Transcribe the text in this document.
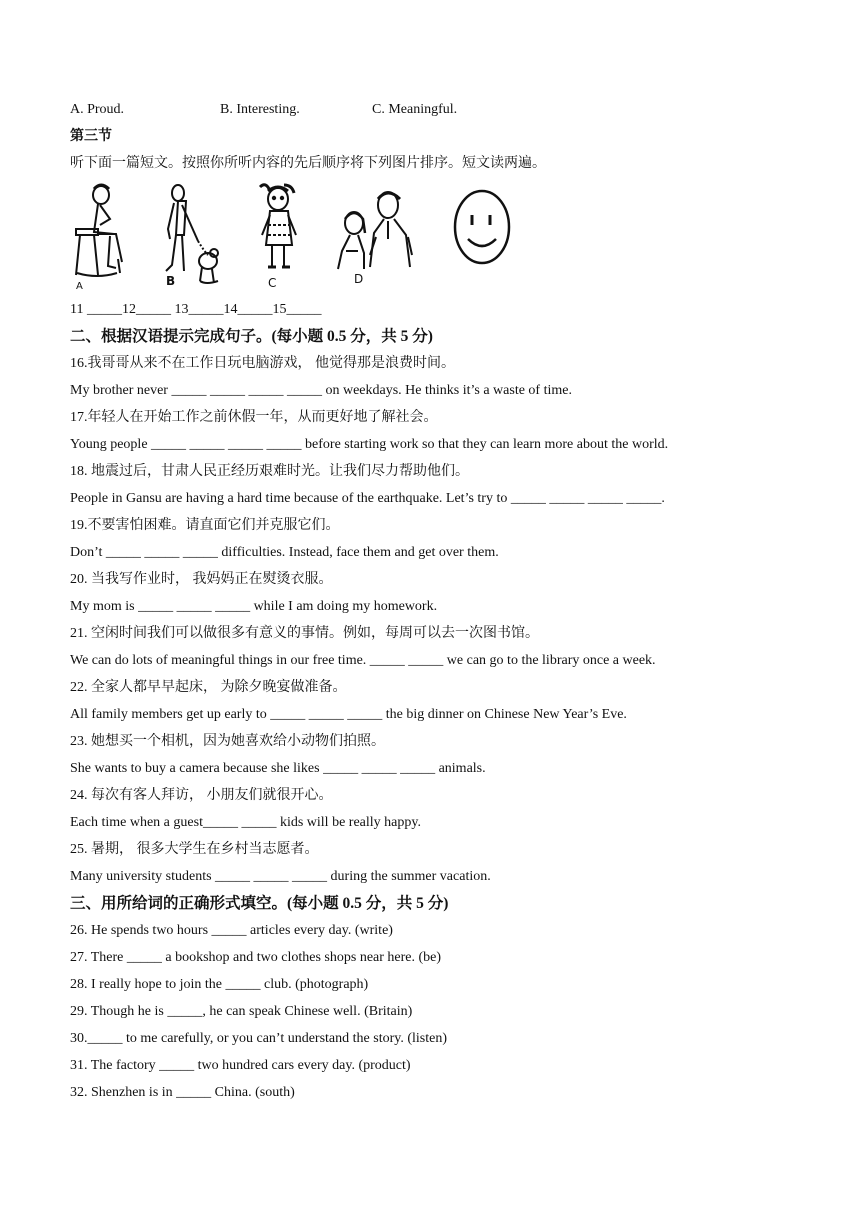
A. Proud.	B. Interesting.	C. Meaningful.
第三节
听下面一篇短文。按照你所听内容的先后顺序将下列图片排序。短文读两遍。
A	B	C	D
11 _____12_____ 13_____14_____15_____
二、根据汉语提示完成句子。(每小题 0.5 分，共 5 分)
16.我哥哥从来不在工作日玩电脑游戏， 他觉得那是浪费时间。
My brother never _____ _____ _____ _____ on weekdays. He thinks it’s a waste of time.
17.年轻人在开始工作之前休假一年，从而更好地了解社会。
Young people _____ _____ _____ _____ before starting work so that they can learn more about the world.
18. 地震过后，甘肃人民正经历艰难时光。让我们尽力帮助他们。
People in Gansu are having a hard time because of the earthquake. Let’s try to _____ _____ _____ _____.
19.不要害怕困难。请直面它们并克服它们。
Don’t _____ _____ _____ difficulties. Instead, face them and get over them.
20. 当我写作业时， 我妈妈正在熨烫衣服。
My mom is _____ _____ _____ while I am doing my homework.
21. 空闲时间我们可以做很多有意义的事情。例如，每周可以去一次图书馆。
We can do lots of meaningful things in our free time. _____ _____ we can go to the library once a week.
22. 全家人都早早起床， 为除夕晚宴做准备。
All family members get up early to _____ _____ _____ the big dinner on Chinese New Year’s Eve.
23. 她想买一个相机，因为她喜欢给小动物们拍照。
She wants to buy a camera because she likes _____ _____ _____ animals.
24. 每次有客人拜访， 小朋友们就很开心。
Each time when a guest_____ _____ kids will be really happy.
25. 暑期， 很多大学生在乡村当志愿者。
Many university students _____ _____ _____ during the summer vacation.
三、用所给词的正确形式填空。(每小题 0.5 分，共 5 分)
26. He spends two hours _____ articles every day. (write)
27. There _____ a bookshop and two clothes shops near here. (be)
28. I really hope to join the _____ club. (photograph)
29. Though he is _____, he can speak Chinese well. (Britain)
30._____ to me carefully, or you can’t understand the story. (listen)
31. The factory _____ two hundred cars every day. (product)
32. Shenzhen is in _____ China. (south)
